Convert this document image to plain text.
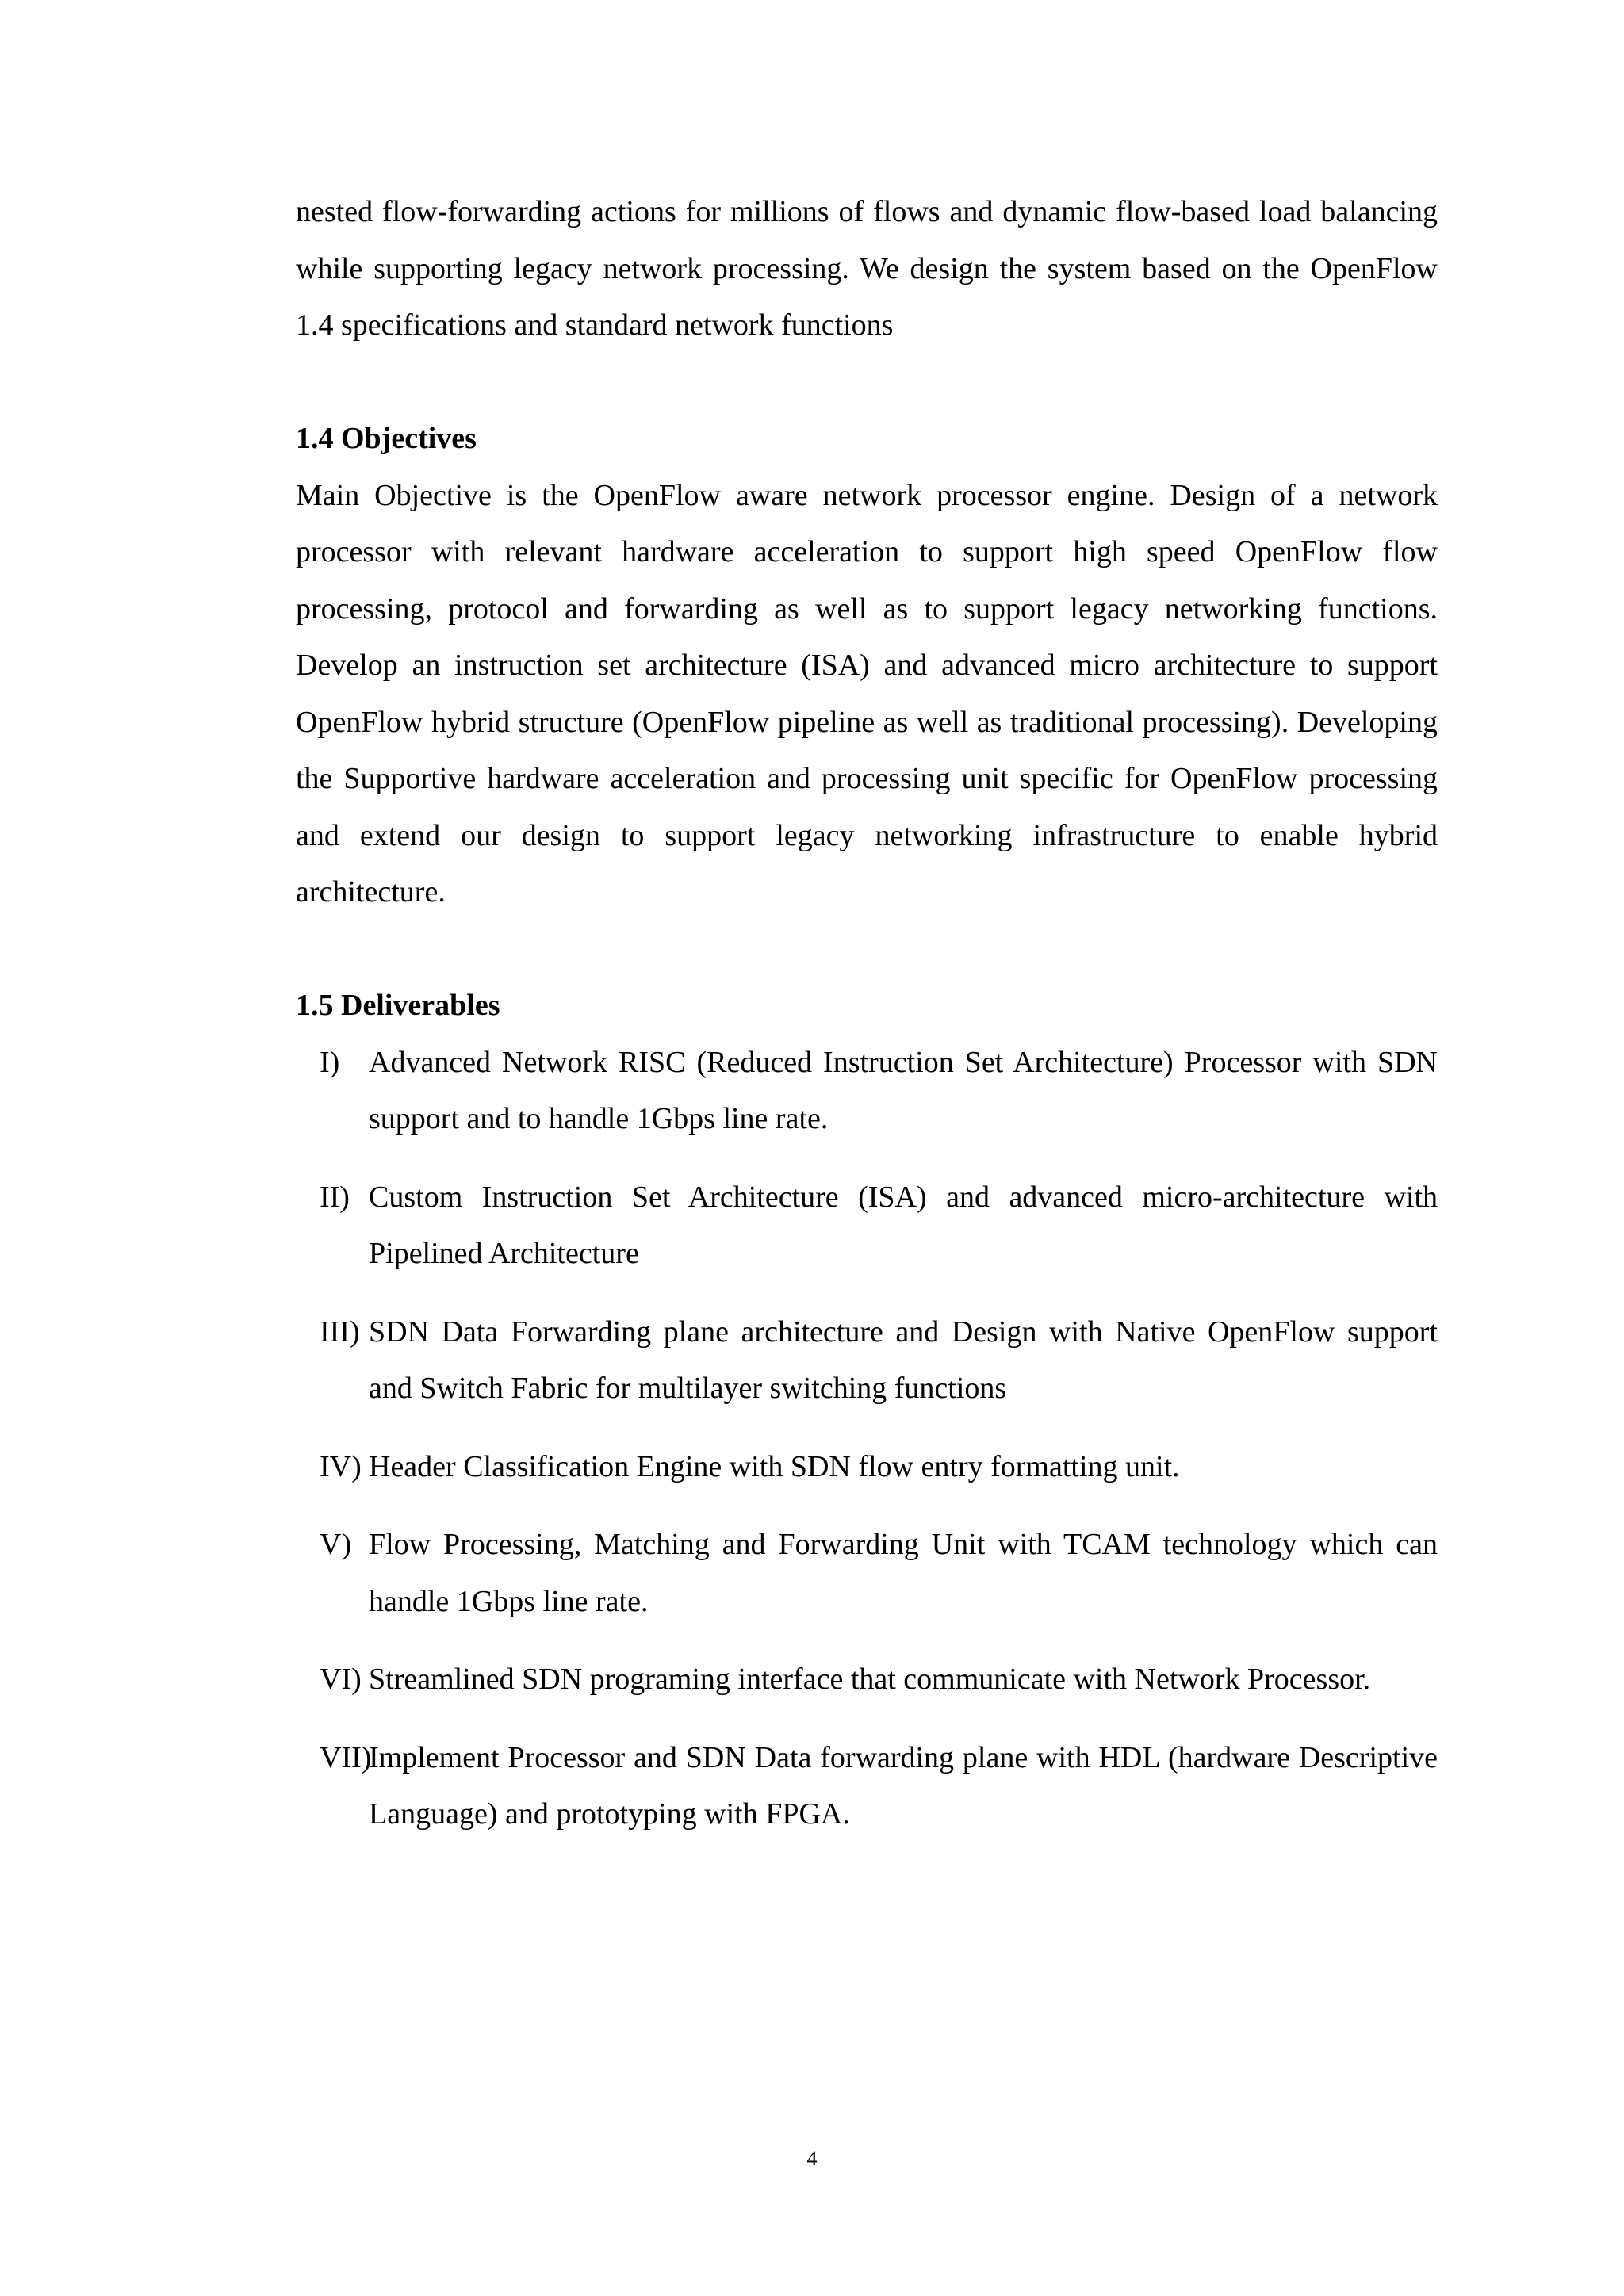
nested flow-forwarding actions for millions of flows and dynamic flow-based load balancing while supporting legacy network processing. We design the system based on the OpenFlow 1.4 specifications and standard network functions

1.4 Objectives

Main Objective is the OpenFlow aware network processor engine. Design of a network processor with relevant hardware acceleration to support high speed OpenFlow flow processing, protocol and forwarding as well as to support legacy networking functions. Develop an instruction set architecture (ISA) and advanced micro architecture to support OpenFlow hybrid structure (OpenFlow pipeline as well as traditional processing). Developing the Supportive hardware acceleration and processing unit specific for OpenFlow processing and extend our design to support legacy networking infrastructure to enable hybrid architecture.

1.5 Deliverables
I) Advanced Network RISC (Reduced Instruction Set Architecture) Processor with SDN support and to handle 1Gbps line rate.
II) Custom Instruction Set Architecture (ISA) and advanced micro-architecture with Pipelined Architecture
III) SDN Data Forwarding plane architecture and Design with Native OpenFlow support and Switch Fabric for multilayer switching functions
IV) Header Classification Engine with SDN flow entry formatting unit.
V) Flow Processing, Matching and Forwarding Unit with TCAM technology which can handle 1Gbps line rate.
VI) Streamlined SDN programing interface that communicate with Network Processor.
VII)
Implement Processor and SDN Data forwarding plane with HDL (hardware Descriptive Language) and prototyping with FPGA.
4
